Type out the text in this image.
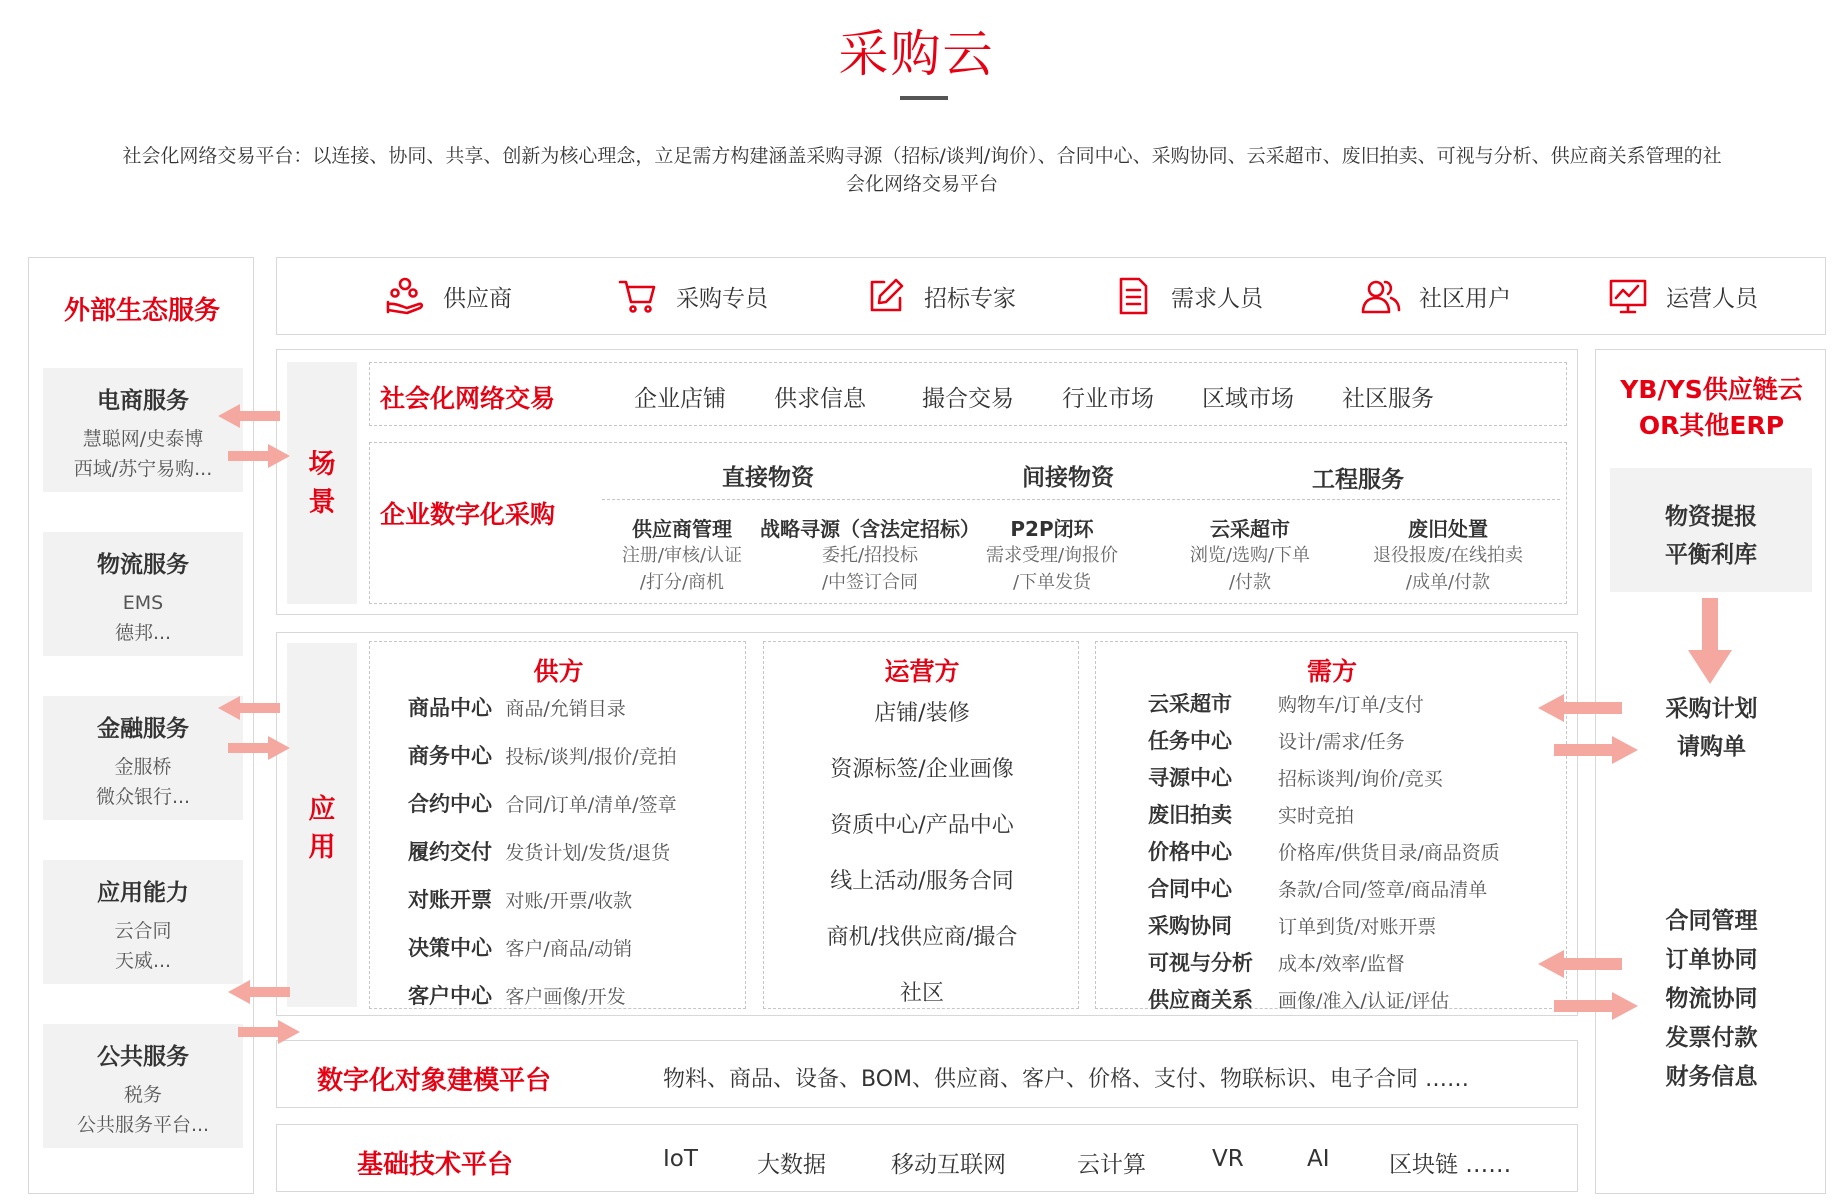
采购云
社会化网络交易平台：以连接、协同、共享、创新为核心理念，立足需方构建涵盖采购寻源（招标/谈判/询价）、合同中心、采购协同、云采超市、废旧拍卖、可视与分析、供应商关系管理的社
会化网络交易平台
外部生态服务
电商服务
慧聪网/史泰博
西域/苏宁易购...
物流服务
EMS
德邦...
金融服务
金服桥
微众银行...
应用能力
云合同
天威...
公共服务
税务
公共服务平台...
供应商	采购专员	招标专家	需求人员	社区用户	运营人员
场
景
社会化网络交易	企业店铺 供求信息 撮合交易 行业市场 区域市场 社区服务
企业数字化采购
直接物资	间接物资	工程服务
供应商管理
注册/审核/认证
/打分/商机
战略寻源（含法定招标）
委托/招投标
/中签订合同
P2P闭环
需求受理/询报价
/下单发货
云采超市
浏览/选购/下单
/付款
废旧处置
退役报废/在线拍卖
/成单/付款
应
用
供方
商品中心 商品/允销目录
商务中心 投标/谈判/报价/竞拍
合约中心 合同/订单/清单/签章
履约交付 发货计划/发货/退货
对账开票 对账/开票/收款
决策中心 客户/商品/动销
客户中心 客户画像/开发
运营方
店铺/装修
资源标签/企业画像
资质中心/产品中心
线上活动/服务合同
商机/找供应商/撮合
社区
需方
云采超市 购物车/订单/支付
任务中心 设计/需求/任务
寻源中心 招标谈判/询价/竞买
废旧拍卖 实时竞拍
价格中心 价格库/供货目录/商品资质
合同中心 条款/合同/签章/商品清单
采购协同 订单到货/对账开票
可视与分析 成本/效率/监督
供应商关系 画像/准入/认证/评估
数字化对象建模平台	物料、商品、设备、BOM、供应商、客户、价格、支付、物联标识、电子合同 ……
基础技术平台	IoT	大数据	移动互联网	云计算	VR	AI	区块链 ……
YB/YS供应链云
OR其他ERP
物资提报
平衡利库
采购计划
请购单
合同管理
订单协同
物流协同
发票付款
财务信息
